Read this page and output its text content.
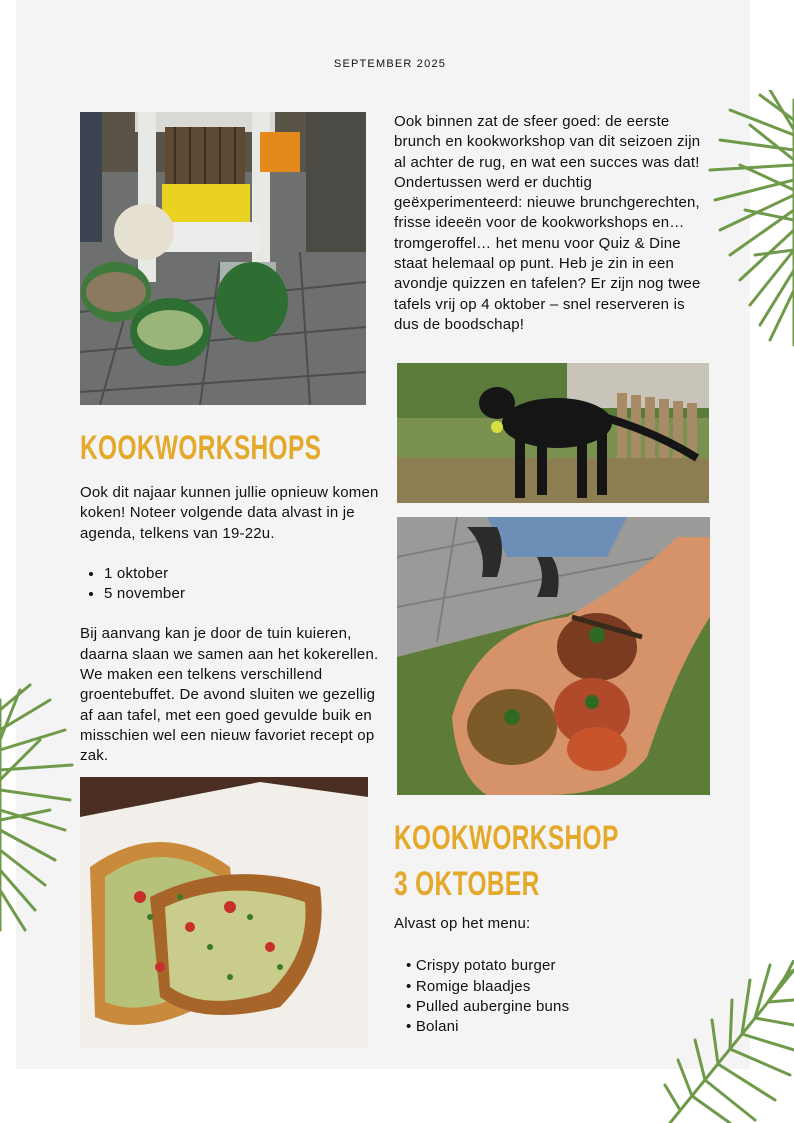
SEPTEMBER 2025
KOOKWORKSHOPS

Ook dit najaar kunnen jullie opnieuw komen koken! Noteer volgende data alvast in je agenda, telkens van 19-22u.

• 1 oktober
• 5 november

Bij aanvang kan je door de tuin kuieren, daarna slaan we samen aan het kokerellen. We maken een telkens verschillend groentebuffet. De avond sluiten we gezellig af aan tafel, met een goed gevulde buik en misschien wel een nieuw favoriet recept op zak.

Ook binnen zat de sfeer goed: de eerste brunch en kookworkshop van dit seizoen zijn al achter de rug, en wat een succes was dat! Ondertussen werd er duchtig geëxperimenteerd: nieuwe brunchgerechten, frisse ideeën voor de kookworkshops en… tromgeroffel… het menu voor Quiz & Dine staat helemaal op punt. Heb je zin in een avondje quizzen en tafelen? Er zijn nog twee tafels vrij op 4 oktober – snel reserveren is dus de boodschap!
KOOKWORKSHOP
3 OKTOBER

Alvast op het menu:

• Crispy potato burger
• Romige blaadjes
• Pulled aubergine buns
• Bolani
